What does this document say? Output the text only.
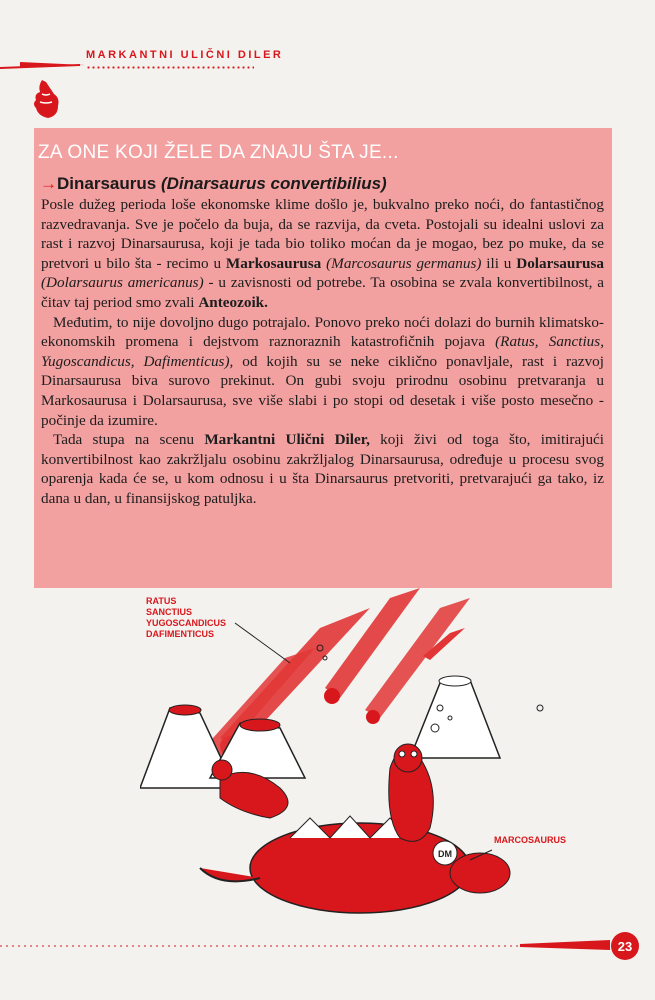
MARKANTNI ULIČNI DILER
ZA ONE KOJI ŽELE DA ZNAJU ŠTA JE...
→Dinarsaurus (Dinarsaurus convertibilius)

Posle dužeg perioda loše ekonomske klime došlo je, bukvalno preko noći, do fantastičnog razvedravanja. Sve je počelo da buja, da se razvija, da cveta. Postojali su idealni uslovi za rast i razvoj Dinarsaurusa, koji je tada bio toliko moćan da je mogao, bez po muke, da se pretvori u bilo šta - recimo u Markosaurusa (Marcosaurus germanus) ili u Dolarsaurusa (Dolarsaurus americanus) - u zavisnosti od potrebe. Ta osobina se zvala konvertibilnost, a čitav taj period smo zvali Anteozoik.

Međutim, to nije dovoljno dugo potrajalo. Ponovo preko noći dolazi do burnih klimatsko-ekonomskih promena i dejstvom raznoraznih katastrofičnih pojava (Ratus, Sanctius, Yugoscandicus, Dafimenticus), od kojih su se neke ciklično ponavljale, rast i razvoj Dinarsaurusa biva surovo prekinut. On gubi svoju prirodnu osobinu pretvaranja u Markosaurusa i Dolarsaurusa, sve više slabi i po stopi od desetak i više posto mesečno - počinje da izumire.

Tada stupa na scenu Markantni Ulični Diler, koji živi od toga što, imitirajući konvertibilnost kao zakržljalu osobinu zakržljalog Dinarsaurusa, određuje u procesu svog oparenja kada će se, u kom odnosu i u šta Dinarsaurus pretvoriti, pretvarajući ga tako, iz dana u dan, u finansijskog patuljka.

DM
RATUS
SANCTIUS
YUGOSCANDICUS
DAFIMENTICUS
MARCOSAURUS
23
